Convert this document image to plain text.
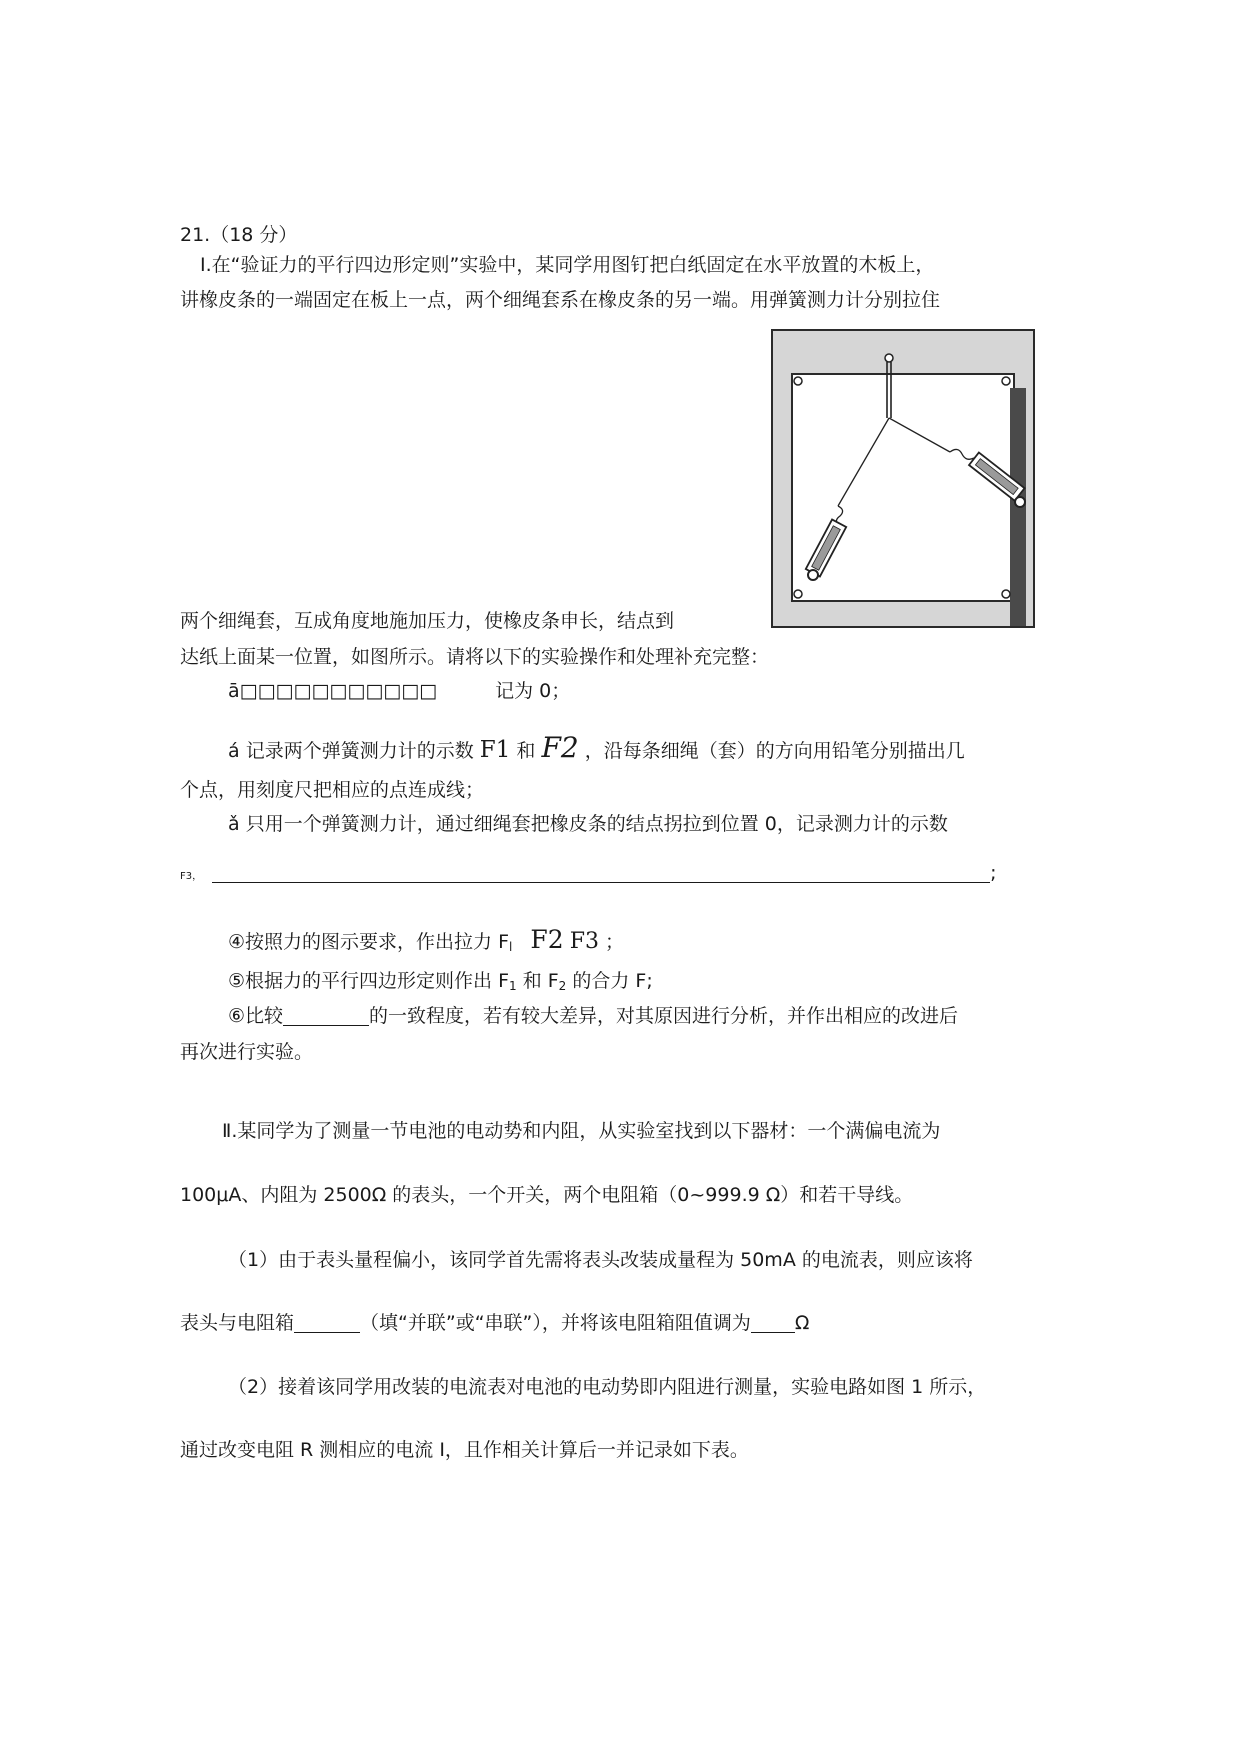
21.（18 分）
Ⅰ.在“验证力的平行四边形定则”实验中，某同学用图钉把白纸固定在水平放置的木板上，
讲橡皮条的一端固定在板上一点，两个细绳套系在橡皮条的另一端。用弹簧测力计分别拉住
两个细绳套，互成角度地施加压力，使橡皮条申长，结点到
达纸上面某一位置，如图所示。请将以下的实验操作和处理补充完整：
ā□□□□□□□□□□□	记为 0；
á 记录两个弹簧测力计的示数 F1 和 F2 ，沿每条细绳（套）的方向用铅笔分别描出几
个点，用刻度尺把相应的点连成线；
ǎ 只用一个弹簧测力计，通过细绳套把橡皮条的结点拐拉到位置 0，记录测力计的示数
F3，	;
④按照力的图示要求，作出拉力 $F_l$ F2 F3 ；
⑤根据力的平行四边形定则作出 $F_1$ 和 $F_2$ 的合力 F;
⑥比较	的一致程度，若有较大差异，对其原因进行分析，并作出相应的改进后
再次进行实验。
Ⅱ.某同学为了测量一节电池的电动势和内阻，从实验室找到以下器材：一个满偏电流为
100μA、内阻为 2500Ω 的表头，一个开关，两个电阻箱（0~999.9 Ω）和若干导线。
（1）由于表头量程偏小，该同学首先需将表头改装成量程为 50mA 的电流表，则应该将
表头与电阻箱	（填“并联”或“串联”），并将该电阻箱阻值调为 Ω
（2）接着该同学用改装的电流表对电池的电动势即内阻进行测量，实验电路如图 1 所示，
通过改变电阻 R 测相应的电流 I，且作相关计算后一并记录如下表。
